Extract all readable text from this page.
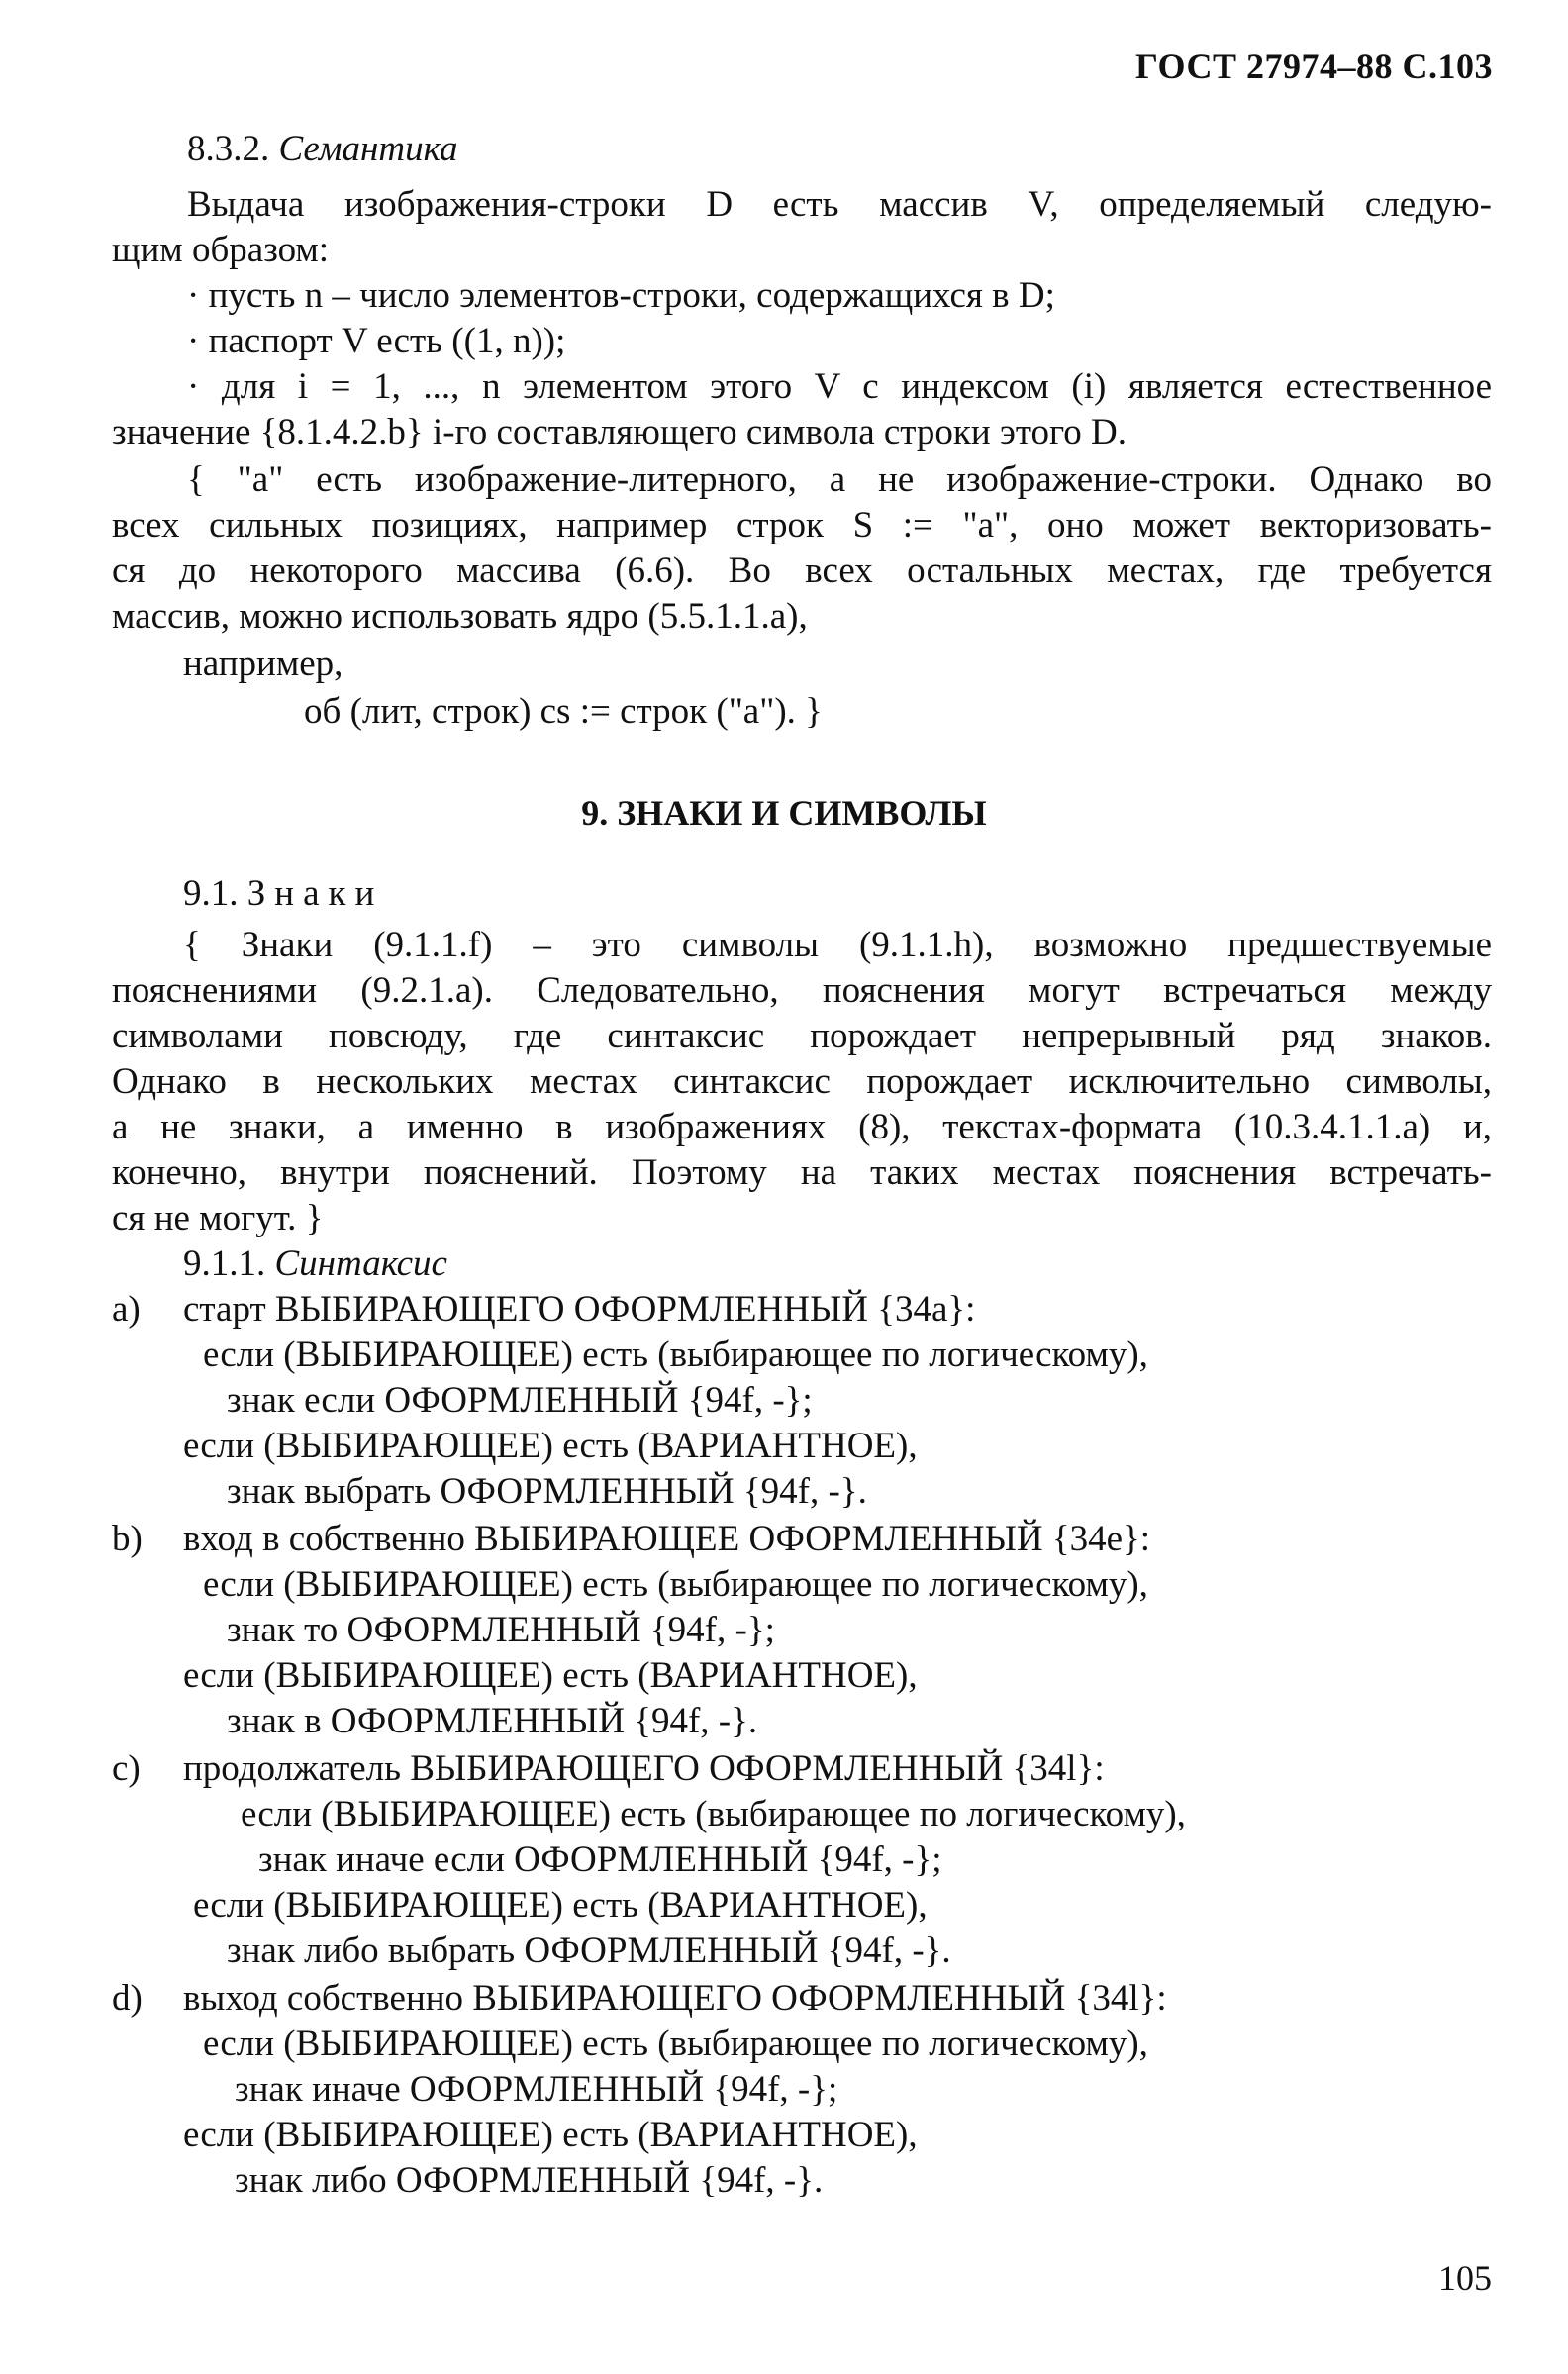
ГОСТ 27974–88 С.103
8.3.2. Семантика
Выдача изображения-строки D есть массив V, определяемый следую-
щим образом:
· пусть n – число элементов-строки, содержащихся в D;
· паспорт V есть ((1, n));
· для i = 1, ..., n элементом этого V с индексом (i) является естественное
значение {8.1.4.2.b} i-го составляющего символа строки этого D.
{ "a" есть изображение-литерного, а не изображение-строки. Однако во
всех сильных позициях, например строк S := "a", оно может векторизовать-
ся до некоторого массива (6.6). Во всех остальных местах, где требуется
массив, можно использовать ядро (5.5.1.1.a),
например,
об (лит, строк) cs := строк ("a"). }
9. ЗНАКИ И СИМВОЛЫ
9.1. Знаки
{ Знаки (9.1.1.f) – это символы (9.1.1.h), возможно предшествуемые
пояснениями (9.2.1.a). Следовательно, пояснения могут встречаться между
символами повсюду, где синтаксис порождает непрерывный ряд знаков.
Однако в нескольких местах синтаксис порождает исключительно символы,
а не знаки, а именно в изображениях (8), текстах-формата (10.3.4.1.1.a) и,
конечно, внутри пояснений. Поэтому на таких местах пояснения встречать-
ся не могут. }
9.1.1. Синтаксис
a) старт ВЫБИРАЮЩЕГО ОФОРМЛЕННЫЙ {34a}:
если (ВЫБИРАЮЩЕЕ) есть (выбирающее по логическому),
знак если ОФОРМЛЕННЫЙ {94f, -};
если (ВЫБИРАЮЩЕЕ) есть (ВАРИАНТНОЕ),
знак выбрать ОФОРМЛЕННЫЙ {94f, -}.
b) вход в собственно ВЫБИРАЮЩЕЕ ОФОРМЛЕННЫЙ {34e}:
если (ВЫБИРАЮЩЕЕ) есть (выбирающее по логическому),
знак то ОФОРМЛЕННЫЙ {94f, -};
если (ВЫБИРАЮЩЕЕ) есть (ВАРИАНТНОЕ),
знак в ОФОРМЛЕННЫЙ {94f, -}.
c) продолжатель ВЫБИРАЮЩЕГО ОФОРМЛЕННЫЙ {34l}:
если (ВЫБИРАЮЩЕЕ) есть (выбирающее по логическому),
знак иначе если ОФОРМЛЕННЫЙ {94f, -};
если (ВЫБИРАЮЩЕЕ) есть (ВАРИАНТНОЕ),
знак либо выбрать ОФОРМЛЕННЫЙ {94f, -}.
d) выход собственно ВЫБИРАЮЩЕГО ОФОРМЛЕННЫЙ {34l}:
если (ВЫБИРАЮЩЕЕ) есть (выбирающее по логическому),
знак иначе ОФОРМЛЕННЫЙ {94f, -};
если (ВЫБИРАЮЩЕЕ) есть (ВАРИАНТНОЕ),
знак либо ОФОРМЛЕННЫЙ {94f, -}.
105
